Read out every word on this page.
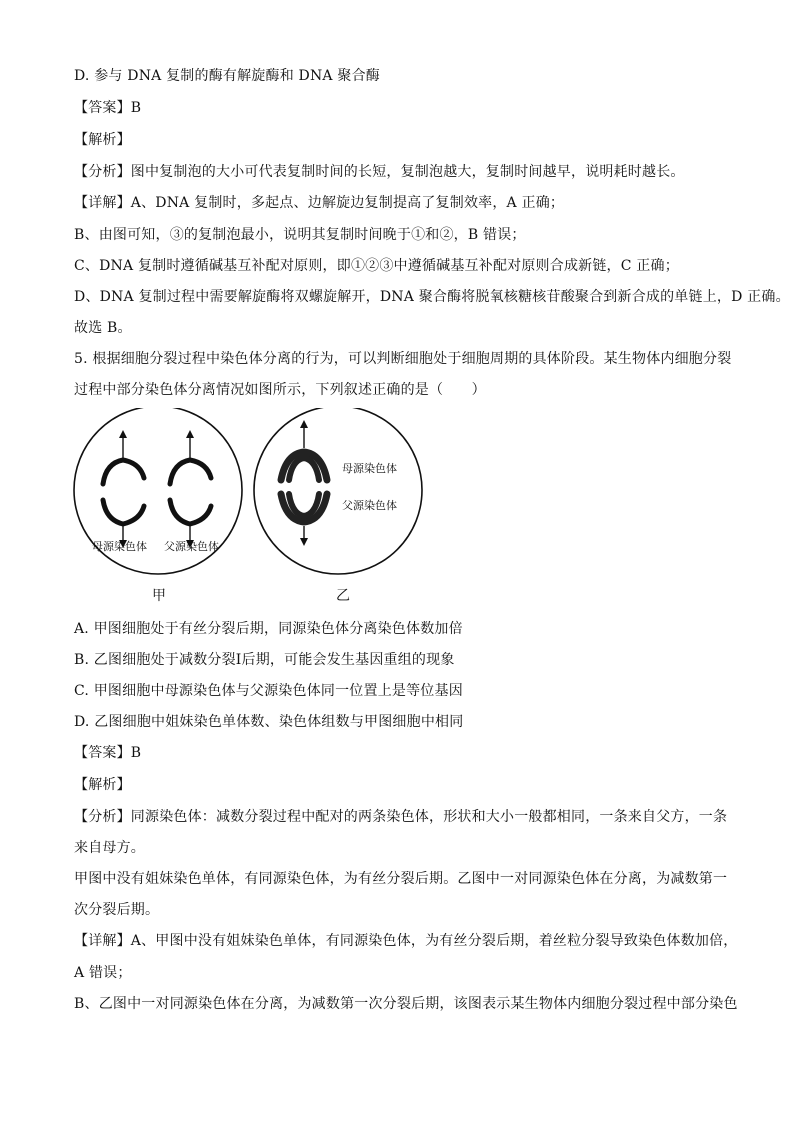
D. 参与 DNA 复制的酶有解旋酶和 DNA 聚合酶
【答案】B
【解析】
【分析】图中复制泡的大小可代表复制时间的长短，复制泡越大，复制时间越早，说明耗时越长。
【详解】A、DNA 复制时，多起点、边解旋边复制提高了复制效率，A 正确；
B、由图可知，③的复制泡最小，说明其复制时间晚于①和②，B 错误；
C、DNA 复制时遵循碱基互补配对原则，即①②③中遵循碱基互补配对原则合成新链，C 正确；
D、DNA 复制过程中需要解旋酶将双螺旋解开，DNA 聚合酶将脱氧核糖核苷酸聚合到新合成的单链上，D 正确。
故选 B。
5. 根据细胞分裂过程中染色体分离的行为，可以判断细胞处于细胞周期的具体阶段。某生物体内细胞分裂
过程中部分染色体分离情况如图所示，下列叙述正确的是（　　）
母源染色体 父源染色体
母源染色体
父源染色体
甲	乙
A. 甲图细胞处于有丝分裂后期，同源染色体分离染色体数加倍
B. 乙图细胞处于减数分裂Ⅰ后期，可能会发生基因重组的现象
C. 甲图细胞中母源染色体与父源染色体同一位置上是等位基因
D. 乙图细胞中姐妹染色单体数、染色体组数与甲图细胞中相同
【答案】B
【解析】
【分析】同源染色体：减数分裂过程中配对的两条染色体，形状和大小一般都相同，一条来自父方，一条
来自母方。
甲图中没有姐妹染色单体，有同源染色体，为有丝分裂后期。乙图中一对同源染色体在分离，为减数第一
次分裂后期。
【详解】A、甲图中没有姐妹染色单体，有同源染色体，为有丝分裂后期，着丝粒分裂导致染色体数加倍，
A 错误；
B、乙图中一对同源染色体在分离，为减数第一次分裂后期，该图表示某生物体内细胞分裂过程中部分染色
